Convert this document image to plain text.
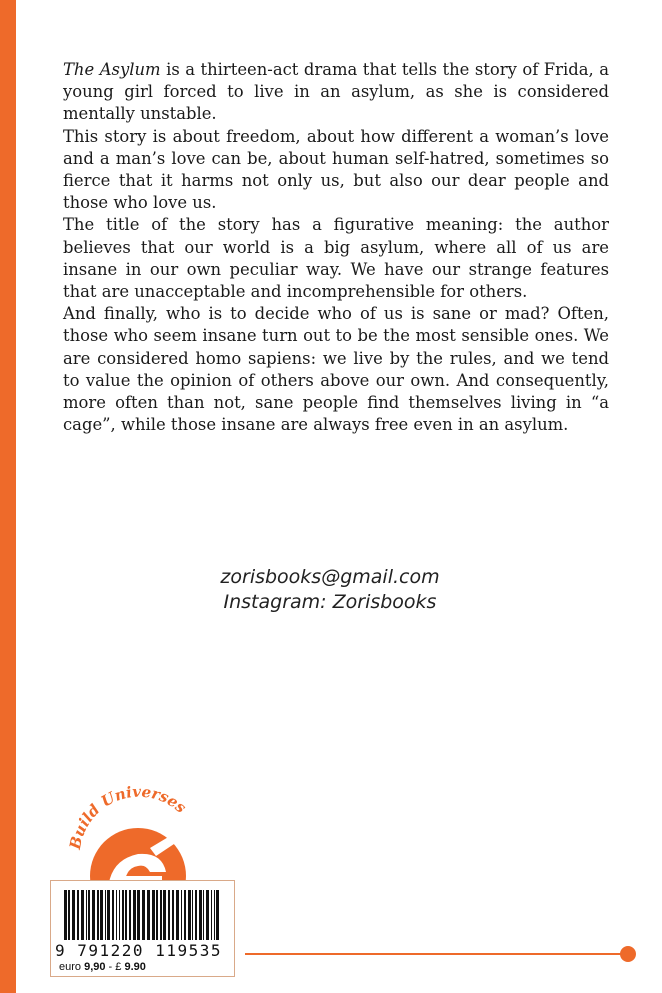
The Asylum is a thirteen-act drama that tells the story of Frida, a young girl forced to live in an asylum, as she is considered mentally unstable.

This story is about freedom, about how different a woman’s love and a man’s love can be, about human self-hatred, sometimes so fierce that it harms not only us, but also our dear people and those who love us.

The title of the story has a figurative meaning: the author believes that our world is a big asylum, where all of us are insane in our own peculiar way. We have our strange features that are unacceptable and incomprehensible for others.

And finally, who is to decide who of us is sane or mad? Often, those who seem insane turn out to be the most sensible ones. We are considered homo sapiens: we live by the rules, and we tend to value the opinion of others above our own. And consequently, more often than not, sane people find themselves living in “a cage”, while those insane are always free even in an asylum.

zorisbooks@gmail.com
Instagram: Zorisbooks
Build Universes
9 791220 119535
euro 9,90 - £ 9.90
